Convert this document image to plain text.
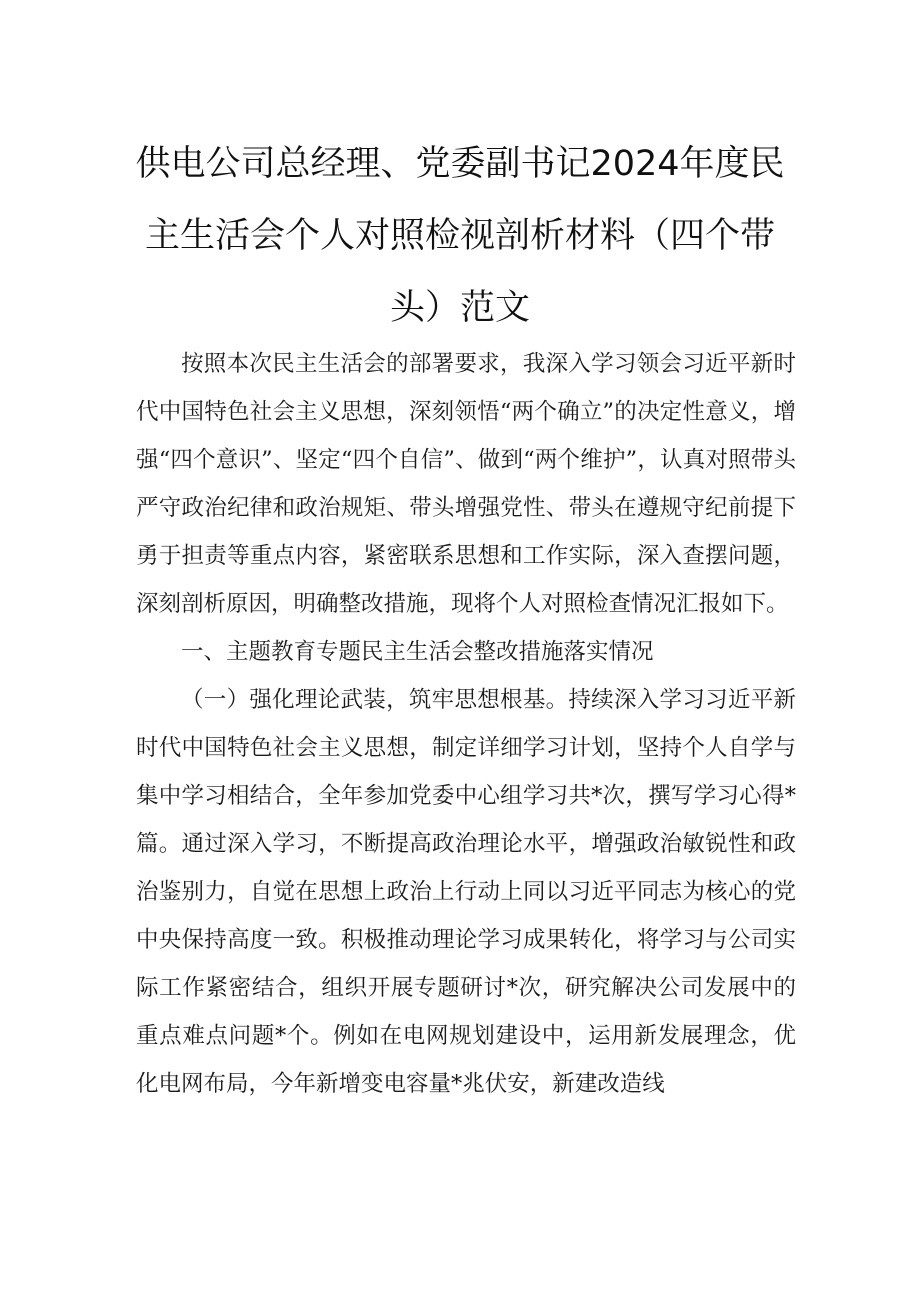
供电公司总经理、党委副书记2024年度民
主生活会个人对照检视剖析材料（四个带
头）范文

按照本次民主生活会的部署要求，我深入学习领会习近平新时代中国特色社会主义思想，深刻领悟“两个确立”的决定性意义，增强“四个意识”、坚定“四个自信”、做到“两个维护”，认真对照带头严守政治纪律和政治规矩、带头增强党性、带头在遵规守纪前提下勇于担责等重点内容，紧密联系思想和工作实际，深入查摆问题，深刻剖析原因，明确整改措施，现将个人对照检查情况汇报如下。

一、主题教育专题民主生活会整改措施落实情况

（一）强化理论武装，筑牢思想根基。持续深入学习习近平新时代中国特色社会主义思想，制定详细学习计划，坚持个人自学与集中学习相结合，全年参加党委中心组学习共*次，撰写学习心得*篇。通过深入学习，不断提高政治理论水平，增强政治敏锐性和政治鉴别力，自觉在思想上政治上行动上同以习近平同志为核心的党中央保持高度一致。积极推动理论学习成果转化，将学习与公司实际工作紧密结合，组织开展专题研讨*次，研究解决公司发展中的重点难点问题*个。例如在电网规划建设中，运用新发展理念，优化电网布局，今年新增变电容量*兆伏安，新建改造线
